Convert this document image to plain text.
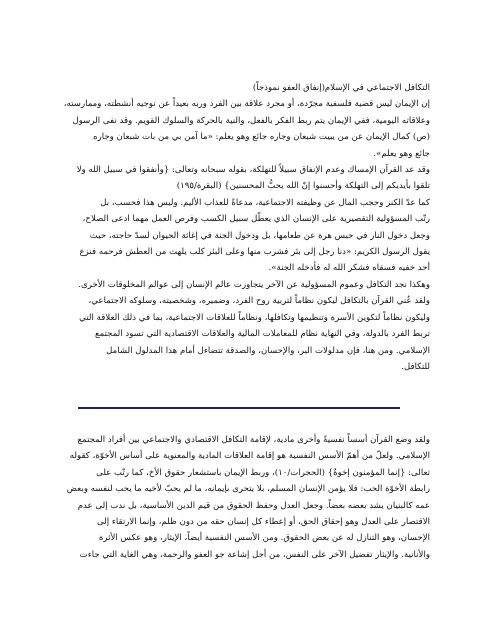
التكافل الاجتماعي في الإسلام(إنفاق العفو نموذجاً)
إن الإيمان ليس قضية فلسفية مجرّدة، أو مجرد علاقة بين الفرد وربه بعيداً عن توجيه أنشطته، وممارسته،
وعلاقاته اليومية، ففي الإيمان يتم ربط الفكر بالفعل، والنية بالحركة والسلوك القويم. وقد نفى الرسول
(ص) كمال الإيمان عن من يبيت شبعان وجاره جائع وهو يعلم: «ما آمن بي من بات شبعان وجاره
جائع وهو يعلم».
وقد عد القرآن الإمساك وعدم الإنفاق سبيلاً للتهلكة، بقوله سبحانه وتعالى: {وأنفقوا في سبيل الله ولا
تلقوا بأيديكم إلى التهلكة وأحسنوا إنّ الله يحبُّ المحسنين} (البقرة/١٩٥)
كما عدّ الكنز وحجب المال عن وظيفته الاجتماعية، مدعاةً للعذاب الأليم. وليس هذا فحسب، بل
رتّب المسؤولية التقصيرية على الإنسان الذي يعطّل سبيل الكسب وفرص العمل مهما ادعى الصلاح،
وجعل دخول النار في حبس هرة عن طعامها، بل ودخول الجنة في إغاثة الحيوان لسدّ حاجته، حيث
يقول الرسول الكريم: «دنا رجل إلى بئر فشرب منها وعلى البئر كلب يلهث من العطش فرحمه فنزع
أحد خفيه فسقاه فشكر الله له فأدخله الجنة».
وهكذا نجد التكافل وعموم المسؤولية عن الآخر يتجاوزت عالم الإنسان إلى عوالم المخلوقات الأخرى.
ولقد عُني القرآن بالتكافل ليكون نظاماً لتربية روح الفرد، وضميره، وشخصيته، وسلوكه الاجتماعي،
وليكون نظاماً لتكوين الأسرة وتنظيمها وتكافلها، ونظاماً للعلاقات الاجتماعية، بما في ذلك العلاقة التي
تربط الفرد بالدولة، وفي النهاية نظام للمعاملات المالية والعلاقات الاقتصادية التي تسود المجتمع
الإسلامي. ومن هنا، فإن مدلولات البر، والإحسان، والصدقة تتضاءل أمام هذا المدلول الشامل
للتكافل.
ولقد وضع القرآن أسساً نفسيةً وأخرى مادية، لإقامة التكافل الاقتصادي والاجتماعي بين أفراد المجتمع
الإسلامي. ولعلّ من أهمّ الأسس النفسية هو إقامة العلاقات المادية والمعنوية على أساس الأخوّة، كقوله
تعالى: {إنما المؤمنون إخوةٌ} (الحجرات/١٠)، وربط الإيمان باستشعار حقوق الأخ، كما رتّب على
رابطة الأخوّة الحب: فلا يؤمن الإنسان المسلم، بلا يتحرى بإيمانه، ما لم يحبّ لأخيه ما يحب لنفسه وبعض
عمه كالبنيان يشد بعضه بعضاً. وجعل العدل وحفظ الحقوق من قيم الدين الأساسية، بل ندب إلى عدم
الاقتصار على العدل وهو إحقاق الحق، أو إعطاء كل إنسان حقه من دون ظلم، وإنما الارتقاء إلى
الإحسان، وهو التنازل له عن بعض الحقوق. ومن الأسس النفسية أيضاً، الإيثار، وهو عكس الأثرة
والأنانية. والإيثار تفضيل الآخر على النفس، من أجل إشاعة جو العفو والرحمة، وهي الغاية التي جاءت
